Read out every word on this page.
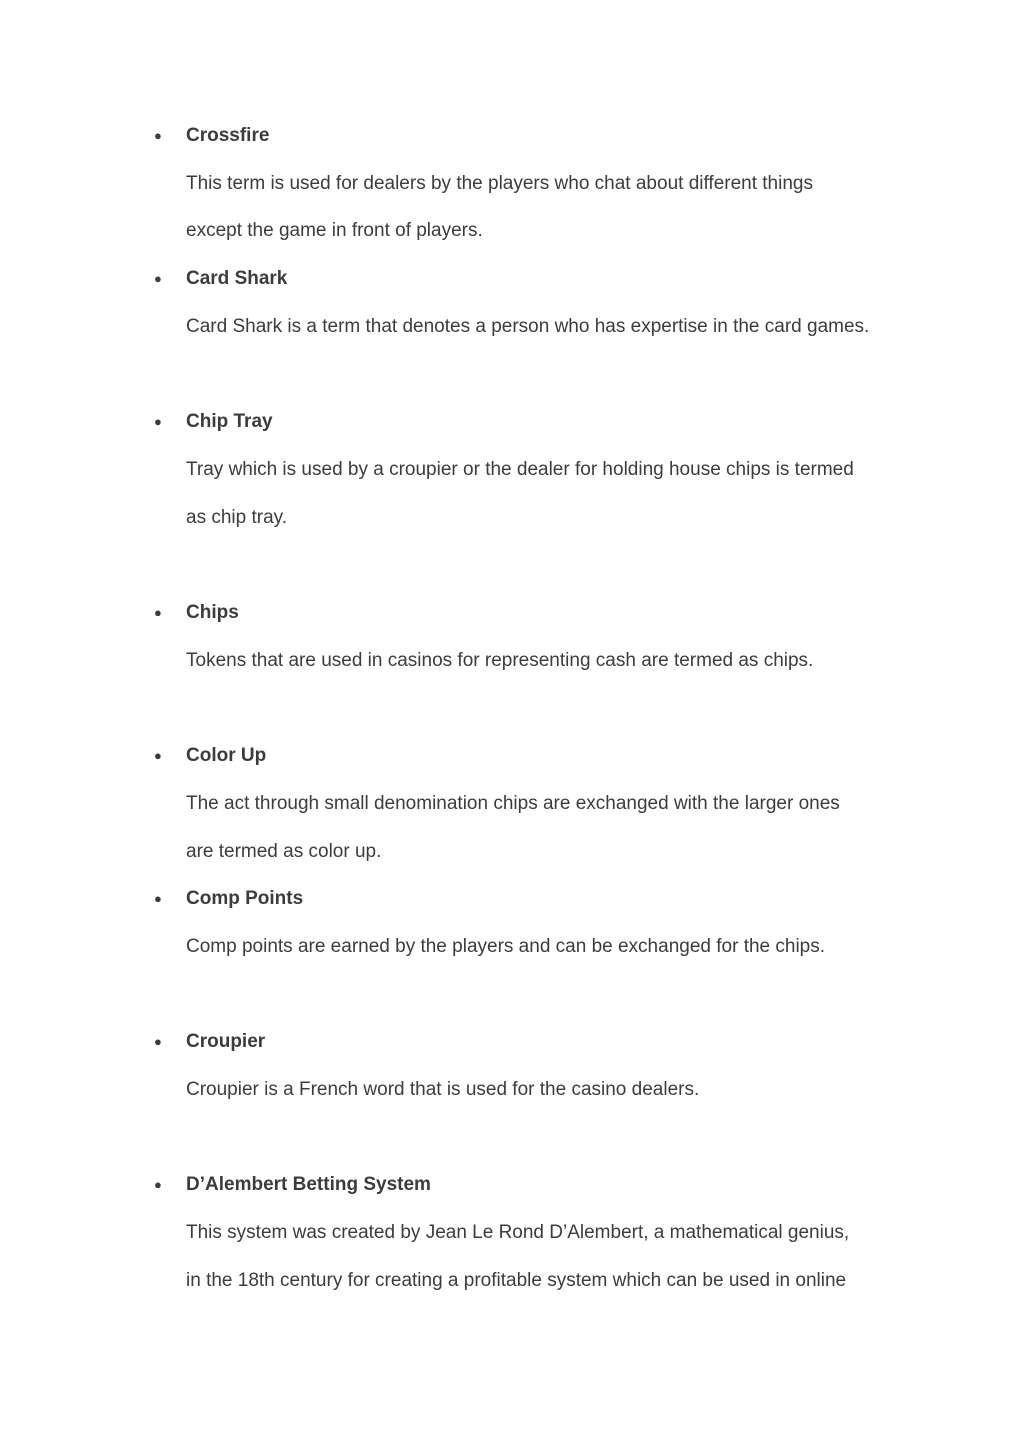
● Crossfire
This term is used for dealers by the players who chat about different things
except the game in front of players.
● Card Shark
Card Shark is a term that denotes a person who has expertise in the card games.
● Chip Tray
Tray which is used by a croupier or the dealer for holding house chips is termed
as chip tray.
● Chips
Tokens that are used in casinos for representing cash are termed as chips.
● Color Up
The act through small denomination chips are exchanged with the larger ones
are termed as color up.
● Comp Points
Comp points are earned by the players and can be exchanged for the chips.
● Croupier
Croupier is a French word that is used for the casino dealers.
● D’Alembert Betting System
This system was created by Jean Le Rond D’Alembert, a mathematical genius,
in the 18th century for creating a profitable system which can be used in online
